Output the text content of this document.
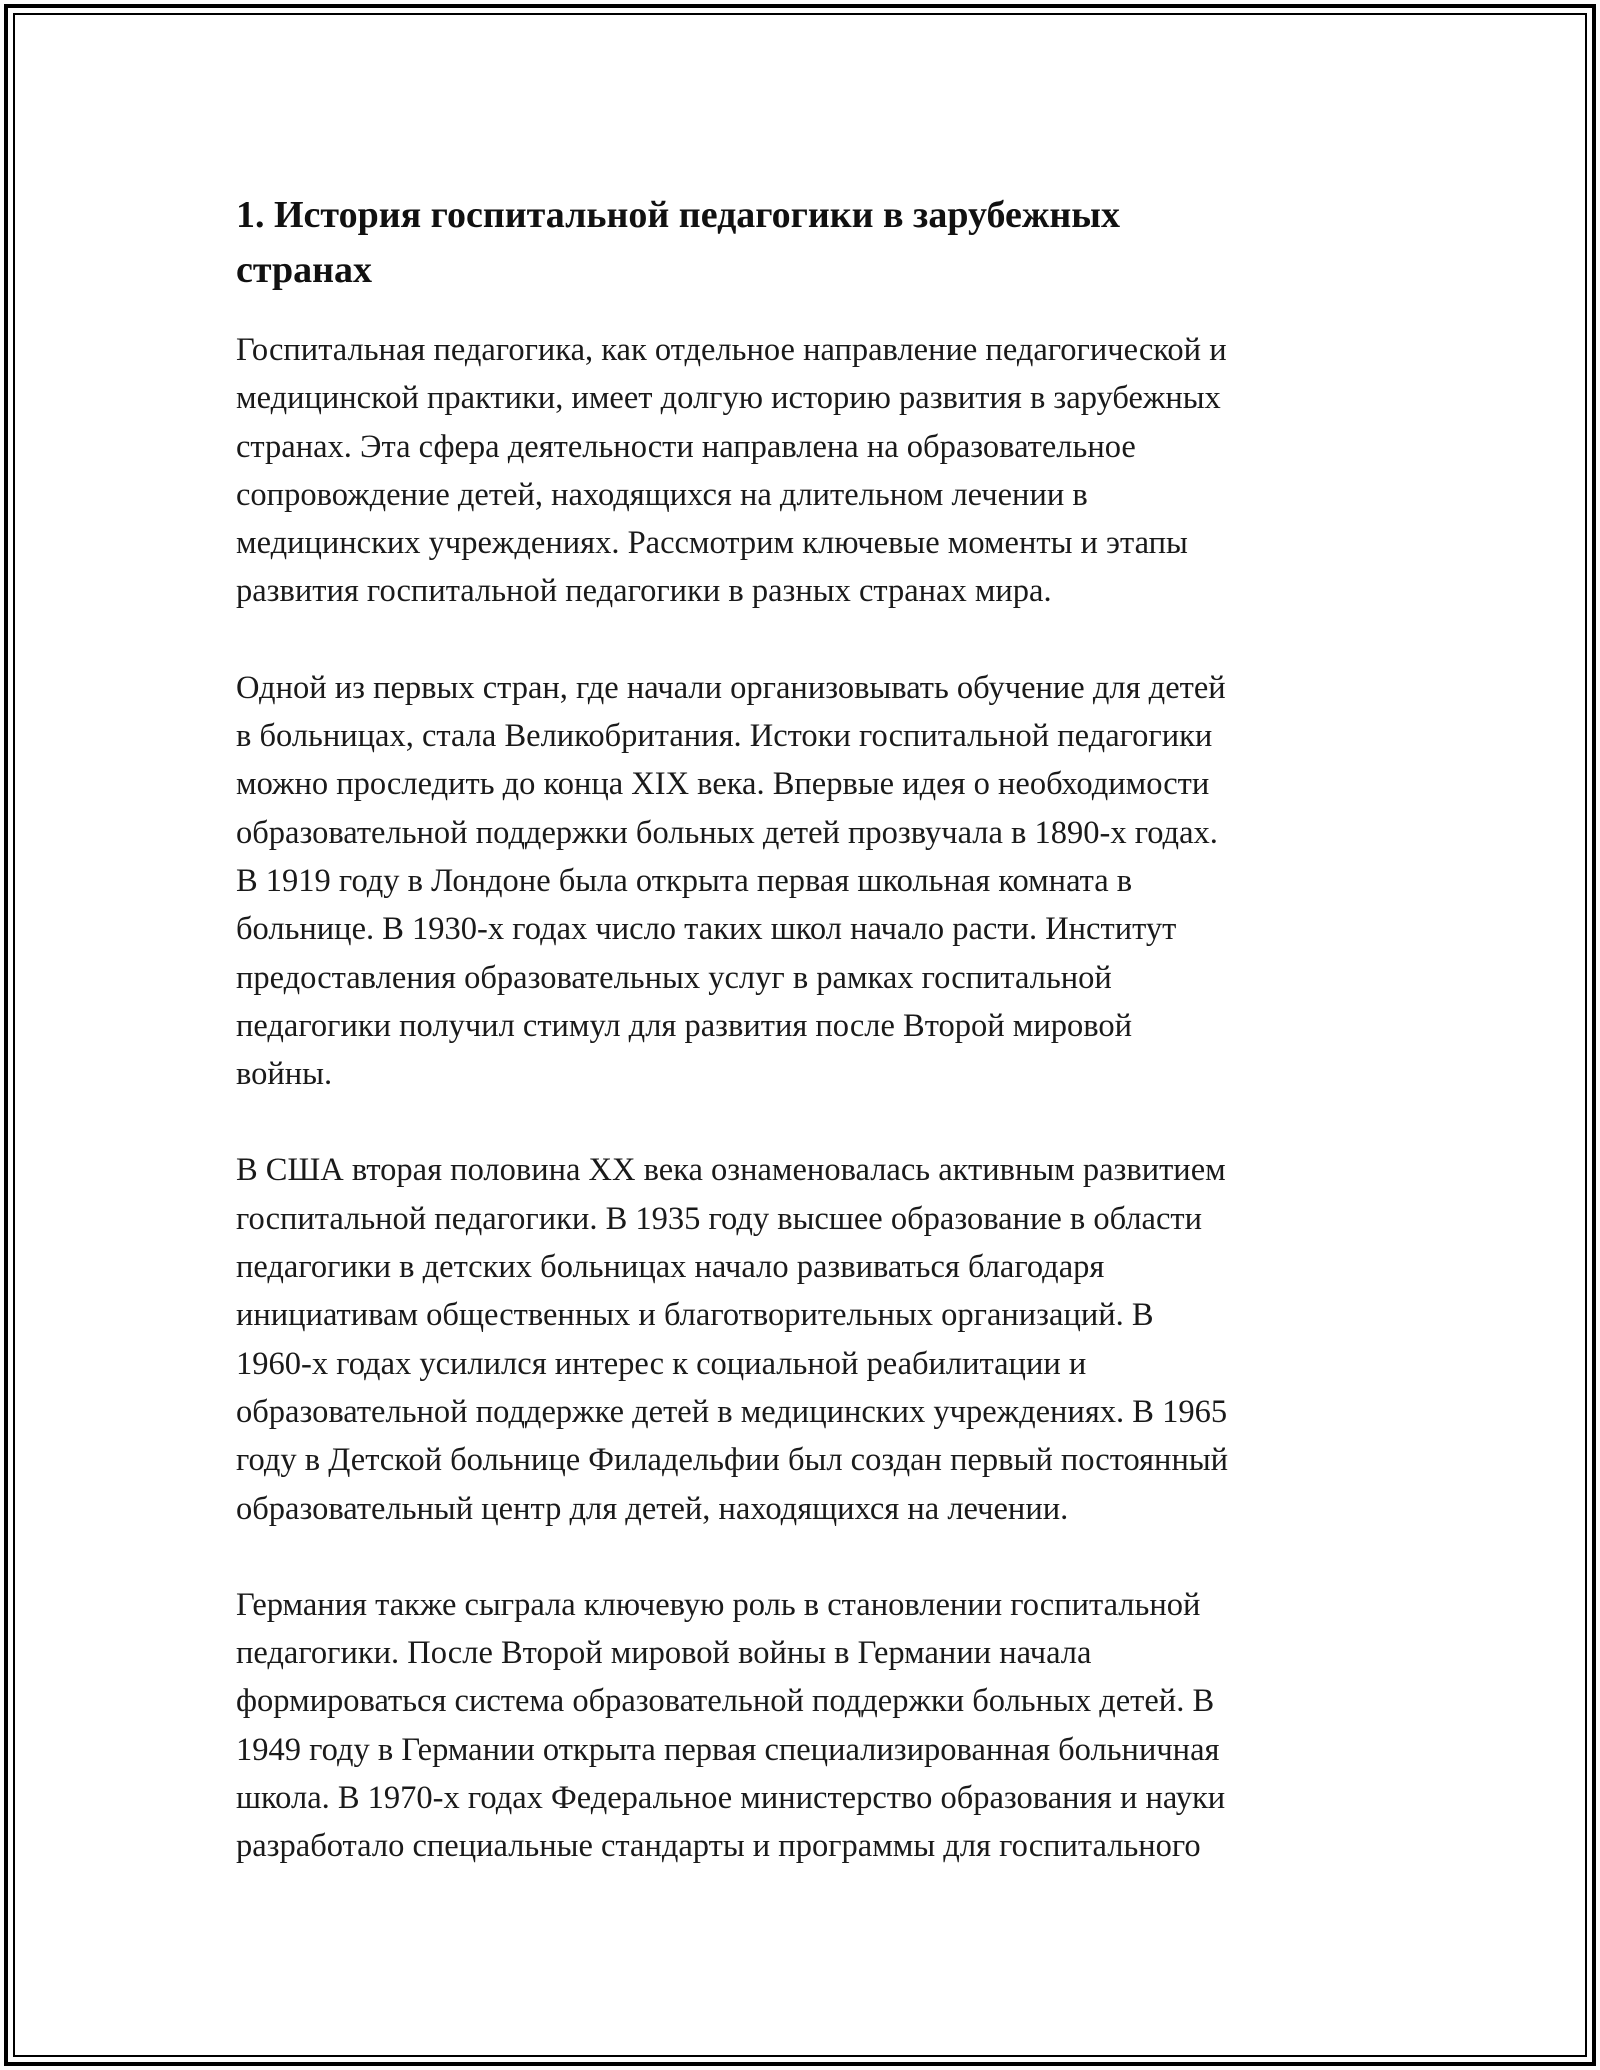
1. История госпитальной педагогики в зарубежных
странах

Госпитальная педагогика, как отдельное направление педагогической и
медицинской практики, имеет долгую историю развития в зарубежных
странах. Эта сфера деятельности направлена на образовательное
сопровождение детей, находящихся на длительном лечении в
медицинских учреждениях. Рассмотрим ключевые моменты и этапы
развития госпитальной педагогики в разных странах мира.

Одной из первых стран, где начали организовывать обучение для детей
в больницах, стала Великобритания. Истоки госпитальной педагогики
можно проследить до конца XIX века. Впервые идея о необходимости
образовательной поддержки больных детей прозвучала в 1890-х годах.
В 1919 году в Лондоне была открыта первая школьная комната в
больнице. В 1930-х годах число таких школ начало расти. Институт
предоставления образовательных услуг в рамках госпитальной
педагогики получил стимул для развития после Второй мировой
войны.

В США вторая половина XX века ознаменовалась активным развитием
госпитальной педагогики. В 1935 году высшее образование в области
педагогики в детских больницах начало развиваться благодаря
инициативам общественных и благотворительных организаций. В
1960-х годах усилился интерес к социальной реабилитации и
образовательной поддержке детей в медицинских учреждениях. В 1965
году в Детской больнице Филадельфии был создан первый постоянный
образовательный центр для детей, находящихся на лечении.

Германия также сыграла ключевую роль в становлении госпитальной
педагогики. После Второй мировой войны в Германии начала
формироваться система образовательной поддержки больных детей. В
1949 году в Германии открыта первая специализированная больничная
школа. В 1970-х годах Федеральное министерство образования и науки
разработало специальные стандарты и программы для госпитального
